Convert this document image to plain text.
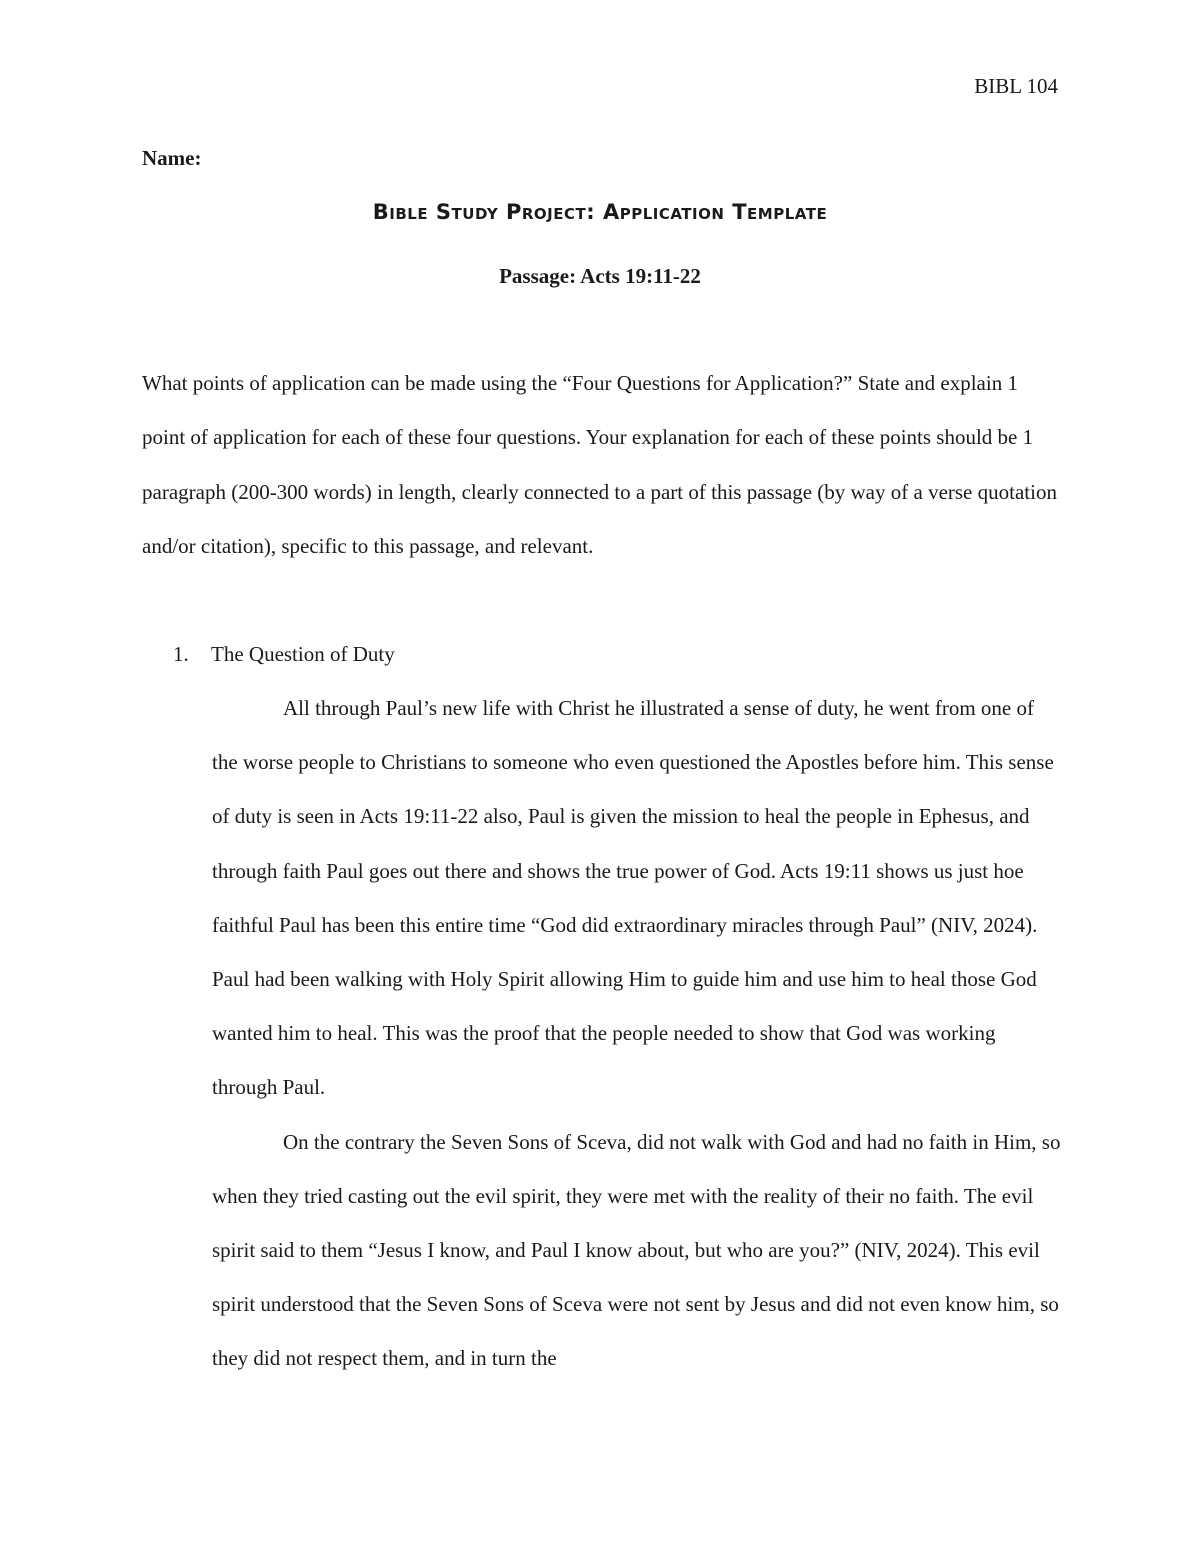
BIBL 104
Name:
Bible Study Project: Application Template
Passage: Acts 19:11-22

What points of application can be made using the “Four Questions for Application?” State and explain 1 point of application for each of these four questions. Your explanation for each of these points should be 1 paragraph (200-300 words) in length, clearly connected to a part of this passage (by way of a verse quotation and/or citation), specific to this passage, and relevant.

1. The Question of Duty

All through Paul’s new life with Christ he illustrated a sense of duty, he went from one of the worse people to Christians to someone who even questioned the Apostles before him. This sense of duty is seen in Acts 19:11-22 also, Paul is given the mission to heal the people in Ephesus, and through faith Paul goes out there and shows the true power of God. Acts 19:11 shows us just hoe faithful Paul has been this entire time “God did extraordinary miracles through Paul” (NIV, 2024). Paul had been walking with Holy Spirit allowing Him to guide him and use him to heal those God wanted him to heal. This was the proof that the people needed to show that God was working through Paul.

On the contrary the Seven Sons of Sceva, did not walk with God and had no faith in Him, so when they tried casting out the evil spirit, they were met with the reality of their no faith. The evil spirit said to them “Jesus I know, and Paul I know about, but who are you?” (NIV, 2024). This evil spirit understood that the Seven Sons of Sceva were not sent by Jesus and did not even know him, so they did not respect them, and in turn the
